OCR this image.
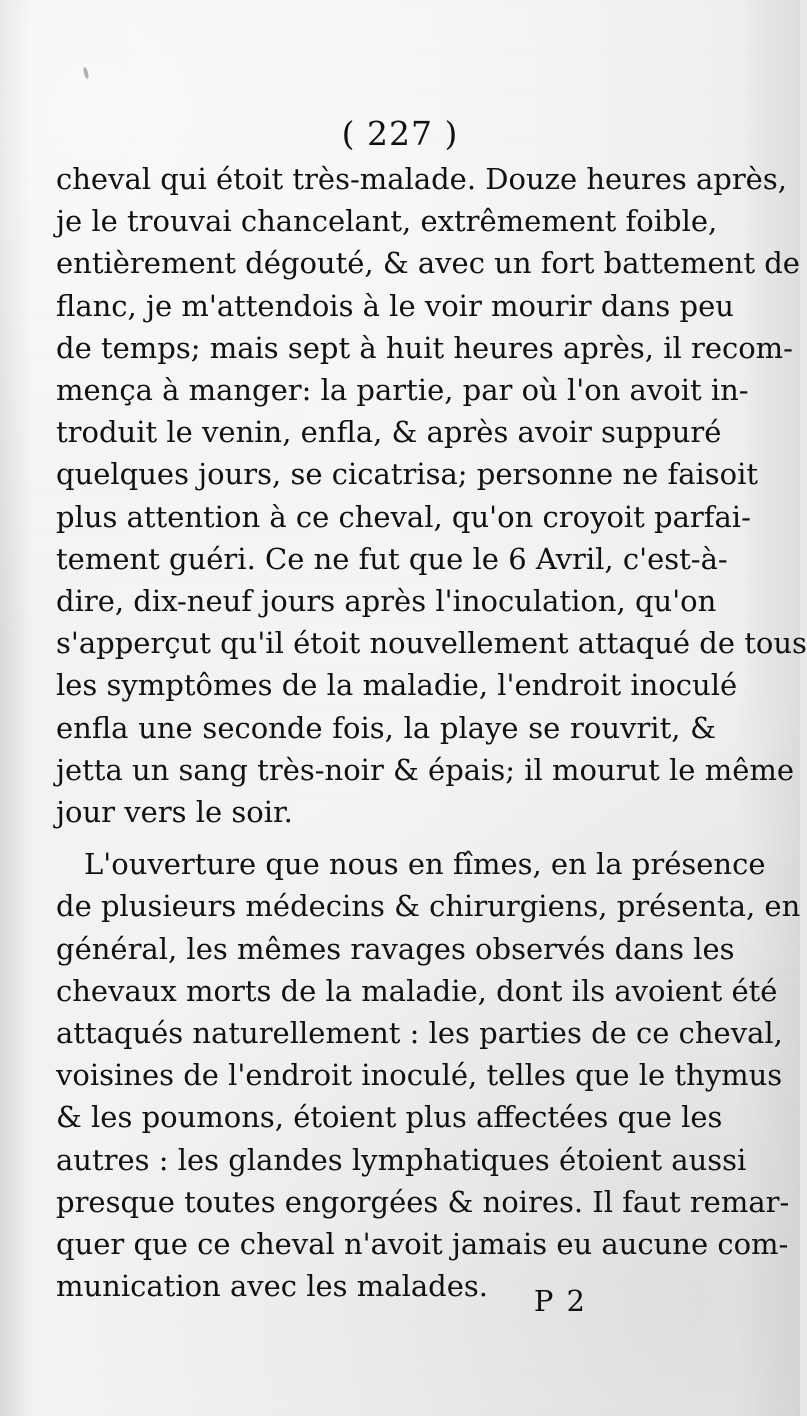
( 227 )
cheval qui étoit très-malade. Douze heures après,
je le trouvai chancelant, extrêmement foible,
entièrement dégouté, & avec un fort battement de
flanc, je m'attendois à le voir mourir dans peu
de temps; mais sept à huit heures après, il recom-
mença à manger: la partie, par où l'on avoit in-
troduit le venin, enfla, & après avoir suppuré
quelques jours, se cicatrisa; personne ne faisoit
plus attention à ce cheval, qu'on croyoit parfai-
tement guéri. Ce ne fut que le 6 Avril, c'est-à-
dire, dix-neuf jours après l'inoculation, qu'on
s'apperçut qu'il étoit nouvellement attaqué de tous
les symptômes de la maladie, l'endroit inoculé
enfla une seconde fois, la playe se rouvrit, &
jetta un sang très-noir & épais; il mourut le même
jour vers le soir.
L'ouverture que nous en fîmes, en la présence
de plusieurs médecins & chirurgiens, présenta, en
général, les mêmes ravages observés dans les
chevaux morts de la maladie, dont ils avoient été
attaqués naturellement : les parties de ce cheval,
voisines de l'endroit inoculé, telles que le thymus
& les poumons, étoient plus affectées que les
autres : les glandes lymphatiques étoient aussi
presque toutes engorgées & noires. Il faut remar-
quer que ce cheval n'avoit jamais eu aucune com-
munication avec les malades.	P 2
